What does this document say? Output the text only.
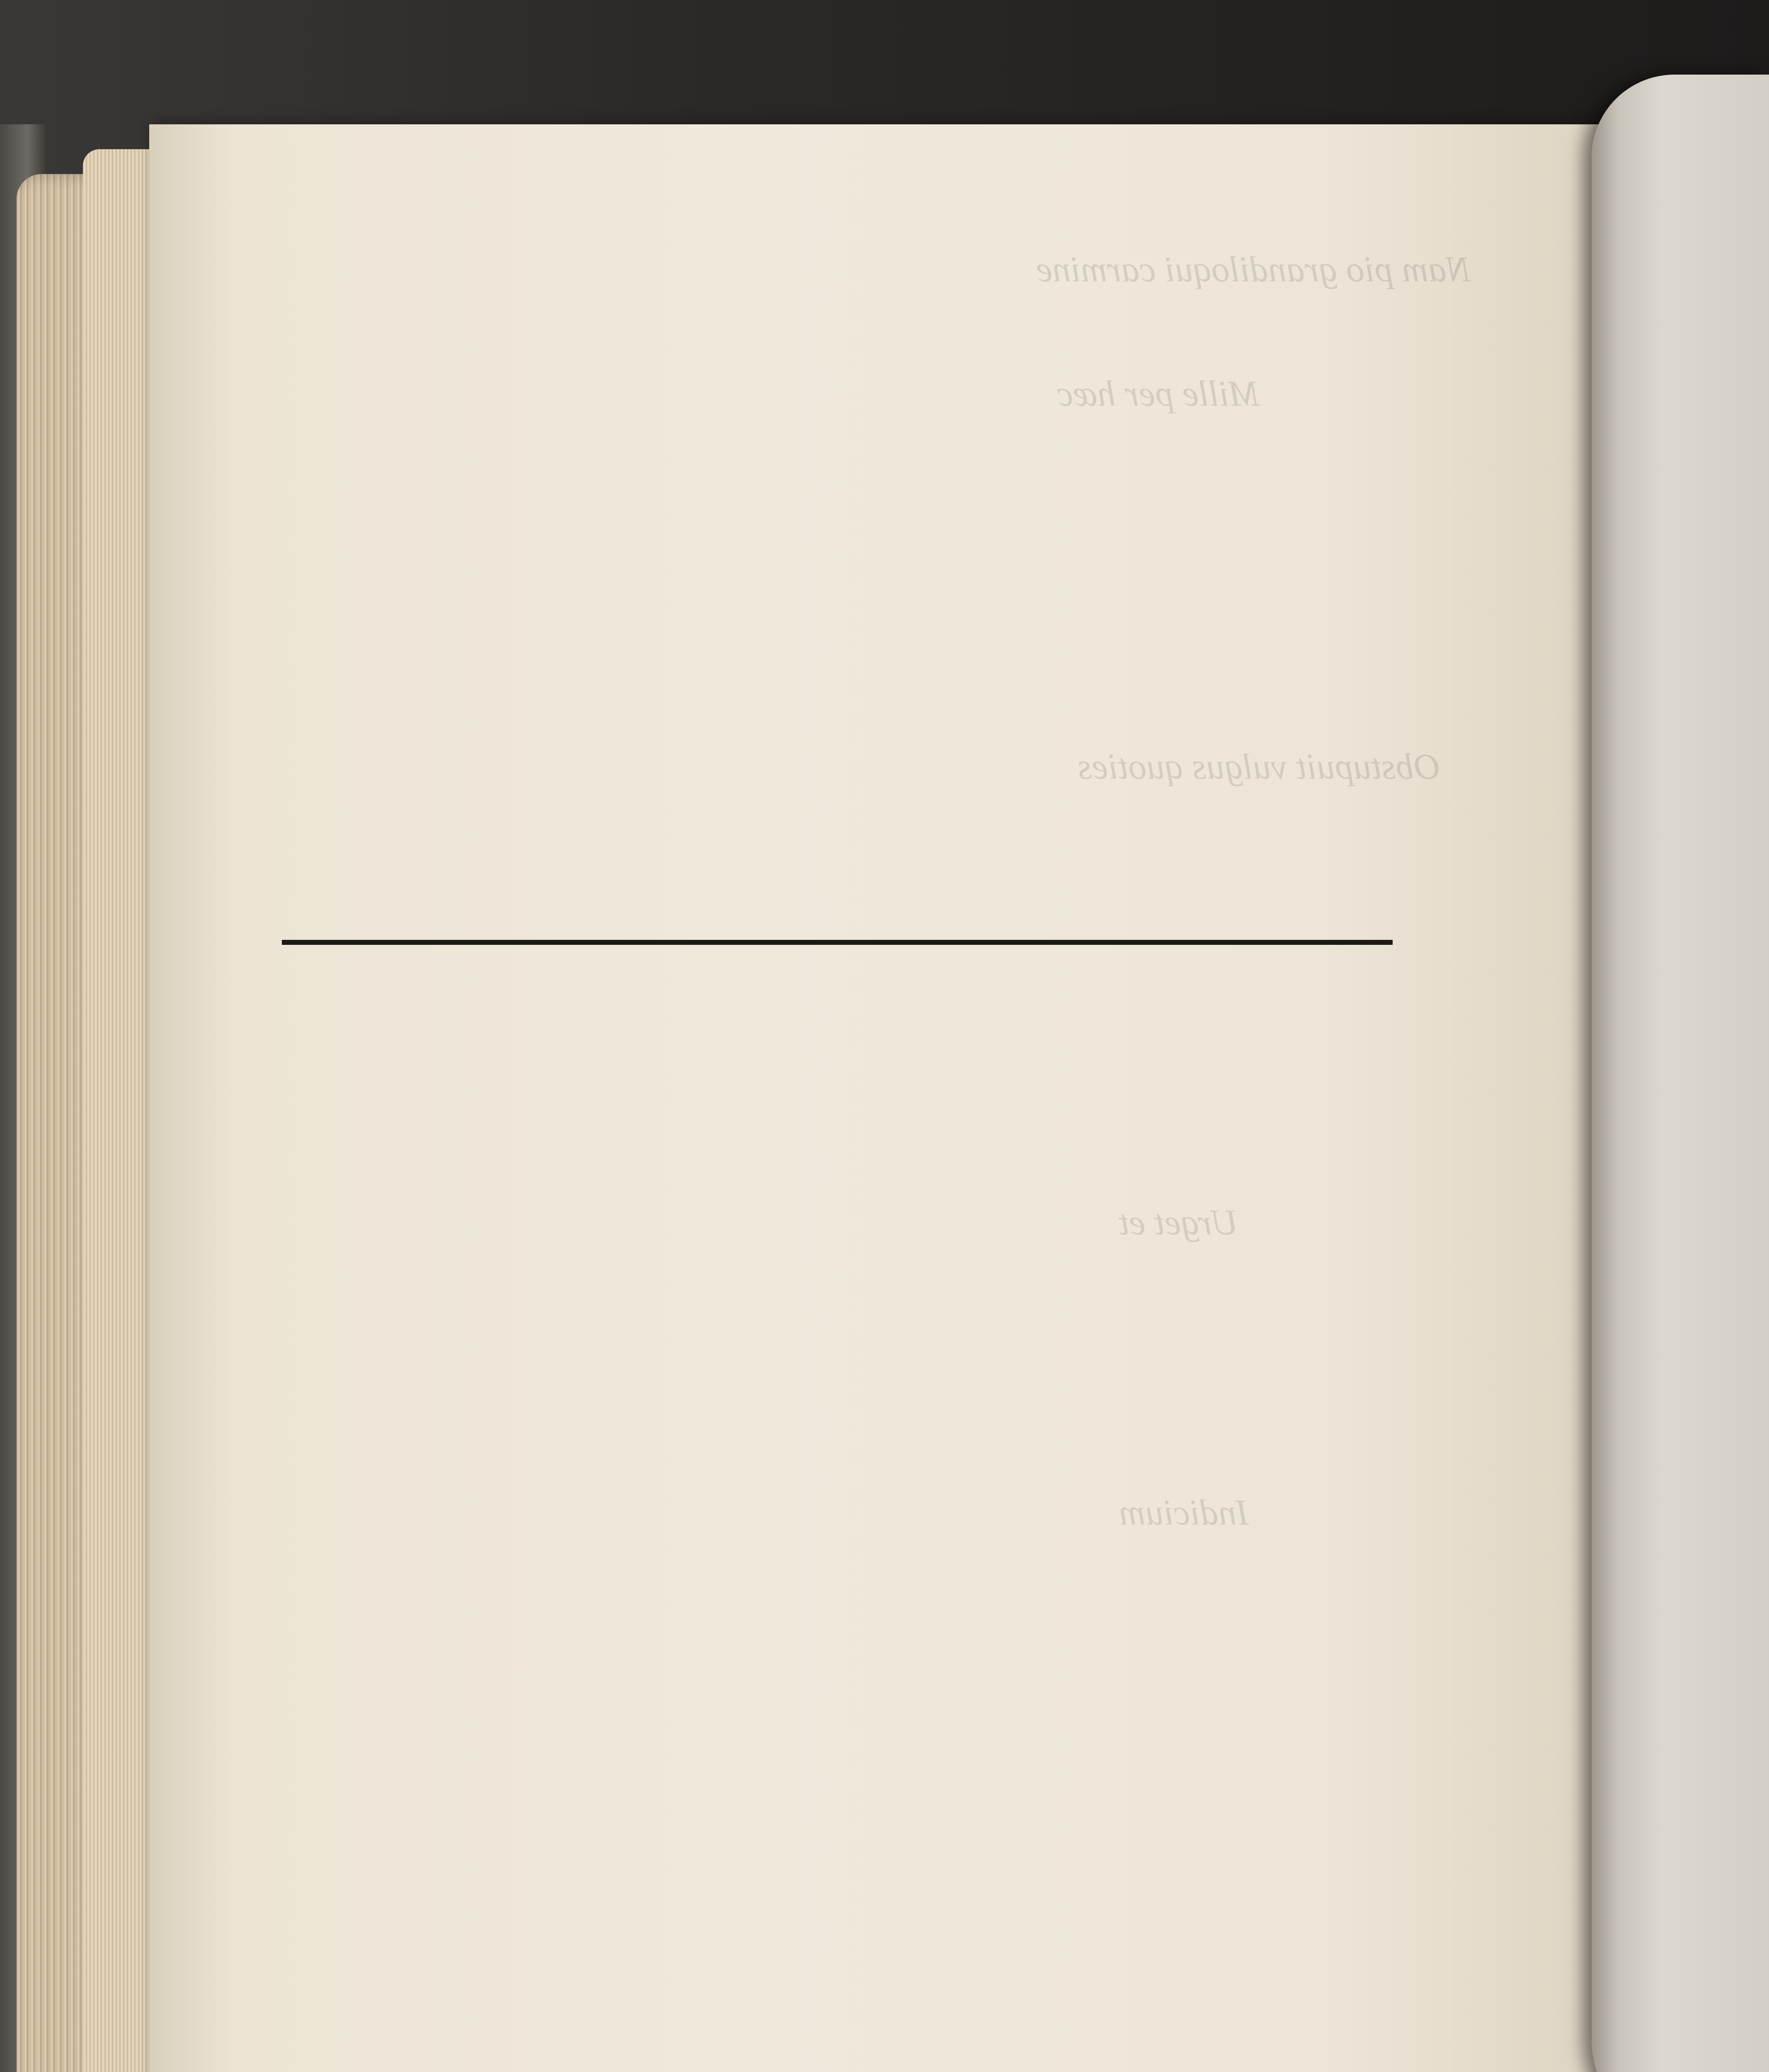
Nam pio grandiloqui carmine
Mille per hæc
Obstupuit vulgus quoties
Urget et
Indicium
